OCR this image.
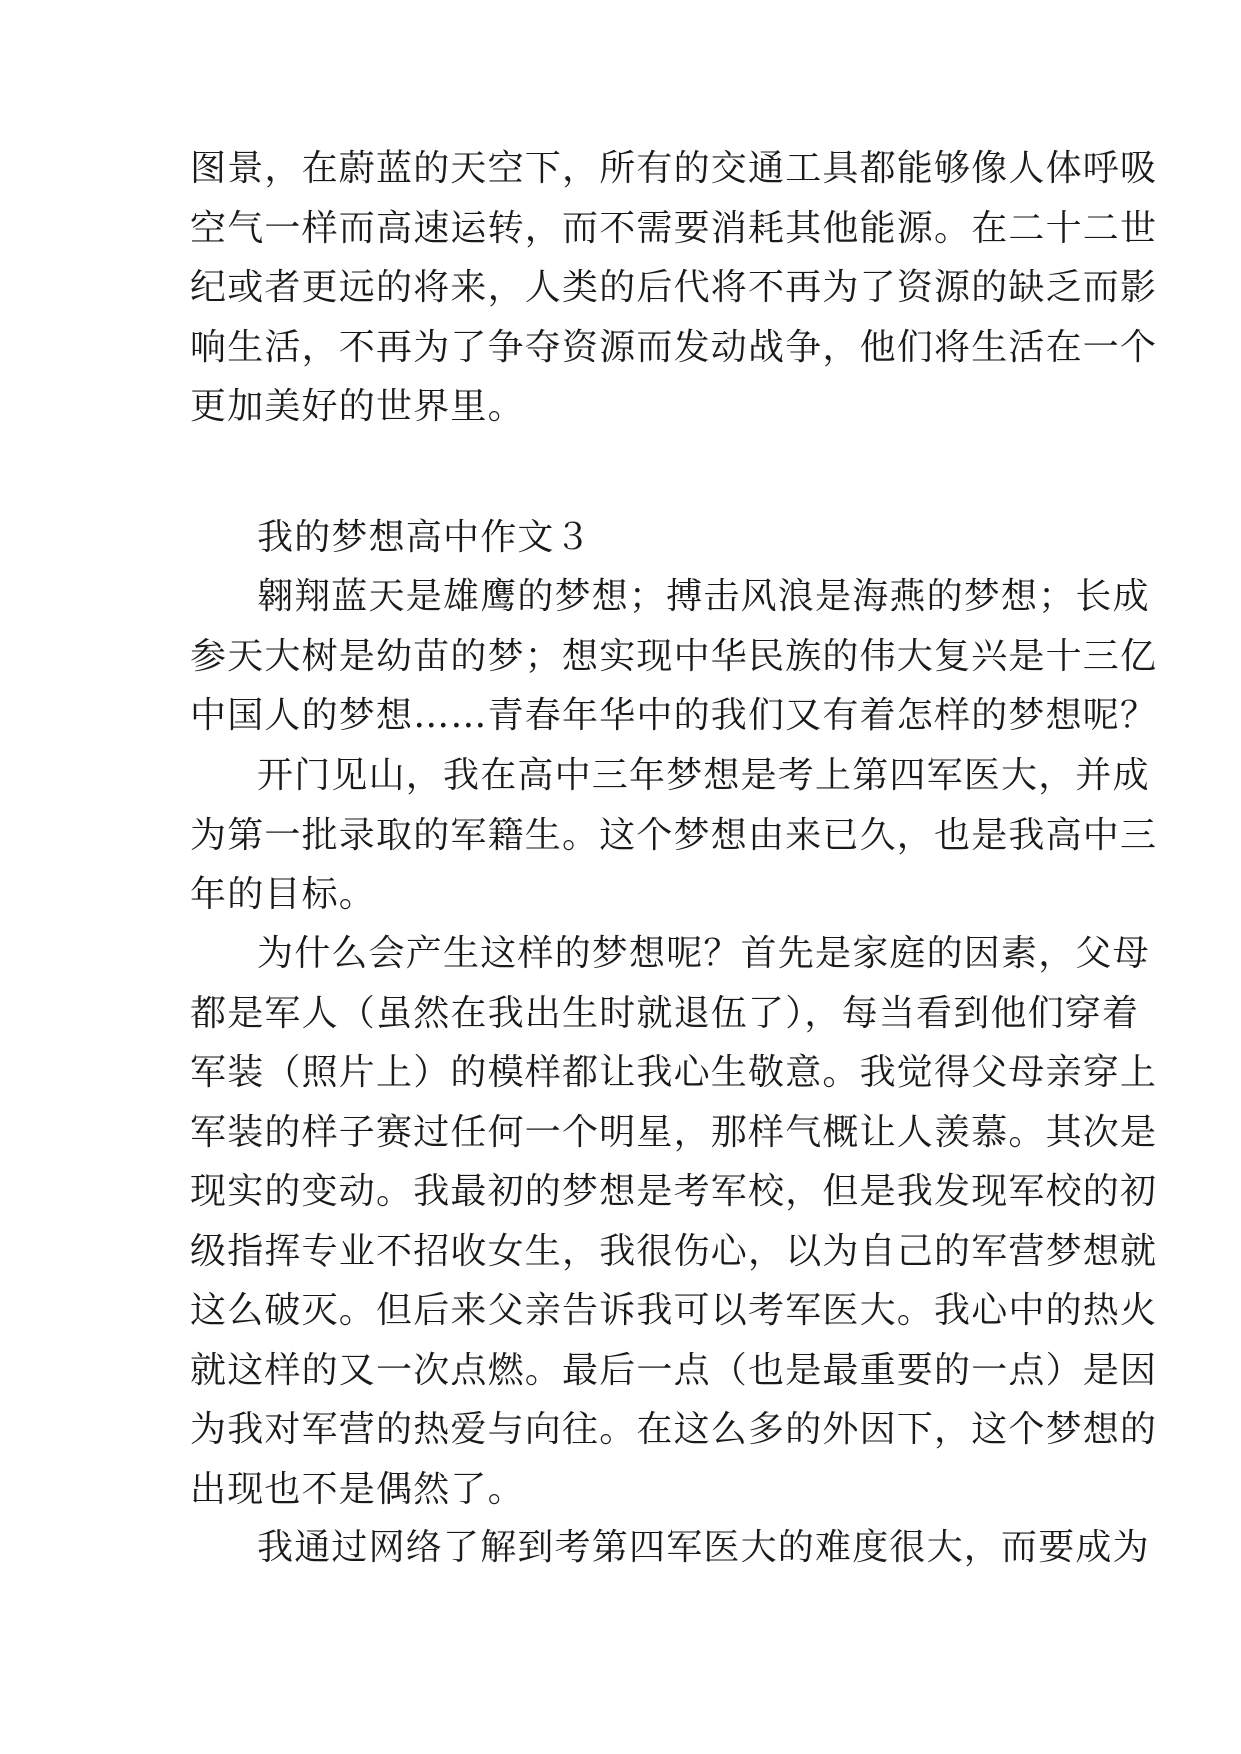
图景，在蔚蓝的天空下，所有的交通工具都能够像人体呼吸
空气一样而高速运转，而不需要消耗其他能源。在二十二世
纪或者更远的将来，人类的后代将不再为了资源的缺乏而影
响生活，不再为了争夺资源而发动战争，他们将生活在一个
更加美好的世界里。
我的梦想高中作文３
翱翔蓝天是雄鹰的梦想；搏击风浪是海燕的梦想；长成
参天大树是幼苗的梦；想实现中华民族的伟大复兴是十三亿
中国人的梦想……青春年华中的我们又有着怎样的梦想呢？
开门见山，我在高中三年梦想是考上第四军医大，并成
为第一批录取的军籍生。这个梦想由来已久，也是我高中三
年的目标。
为什么会产生这样的梦想呢？首先是家庭的因素，父母
都是军人（虽然在我出生时就退伍了），每当看到他们穿着
军装（照片上）的模样都让我心生敬意。我觉得父母亲穿上
军装的样子赛过任何一个明星，那样气概让人羡慕。其次是
现实的变动。我最初的梦想是考军校，但是我发现军校的初
级指挥专业不招收女生，我很伤心，以为自己的军营梦想就
这么破灭。但后来父亲告诉我可以考军医大。我心中的热火
就这样的又一次点燃。最后一点（也是最重要的一点）是因
为我对军营的热爱与向往。在这么多的外因下，这个梦想的
出现也不是偶然了。
我通过网络了解到考第四军医大的难度很大，而要成为
